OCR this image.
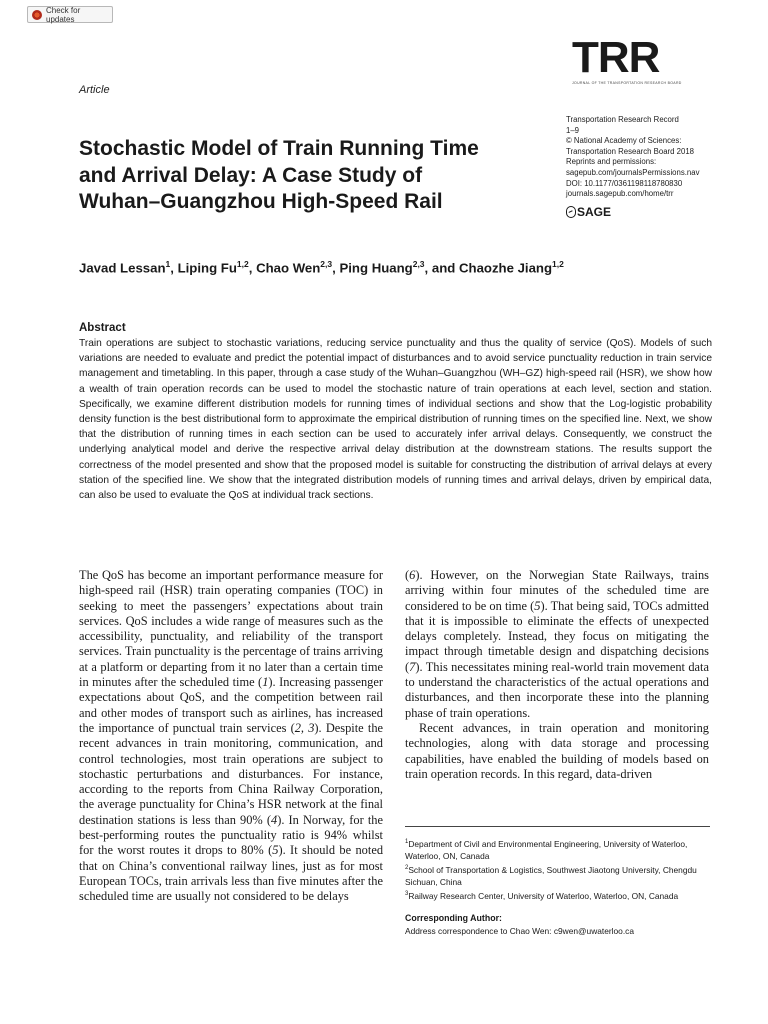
Check for updates
Article
TRR
JOURNAL OF THE TRANSPORTATION RESEARCH BOARD
Transportation Research Record
1–9
© National Academy of Sciences:
Transportation Research Board 2018
Reprints and permissions:
sagepub.com/journalsPermissions.nav
DOI: 10.1177/0361198118780830
journals.sagepub.com/home/trr
SAGE
Stochastic Model of Train Running Time
and Arrival Delay: A Case Study of
Wuhan–Guangzhou High-Speed Rail
Javad Lessan$^1$, Liping Fu$^{1,2}$, Chao Wen$^{2,3}$, Ping Huang$^{2,3}$, and Chaozhe Jiang$^{1,2}$
Abstract
Train operations are subject to stochastic variations, reducing service punctuality and thus the quality of service (QoS). Models of such variations are needed to evaluate and predict the potential impact of disturbances and to avoid service punctuality reduction in train service management and timetabling. In this paper, through a case study of the Wuhan–Guangzhou (WH–GZ) high-speed rail (HSR), we show how a wealth of train operation records can be used to model the stochastic nature of train operations at each level, section and station. Specifically, we examine different distribution models for running times of individual sections and show that the Log-logistic probability density function is the best distributional form to approximate the empirical distribution of running times on the specified line. Next, we show that the distribution of running times in each section can be used to accurately infer arrival delays. Consequently, we construct the underlying analytical model and derive the respective arrival delay distribution at the downstream stations. The results support the correctness of the model presented and show that the proposed model is suitable for constructing the distribution of arrival delays at every station of the specified line. We show that the integrated distribution models of running times and arrival delays, driven by empirical data, can also be used to evaluate the QoS at individual track sections.

The QoS has become an important performance measure for high-speed rail (HSR) train operating companies (TOC) in seeking to meet the passengers’ expectations about train services. QoS includes a wide range of measures such as the accessibility, punctuality, and reliability of the transport services. Train punctuality is the percentage of trains arriving at a platform or departing from it no later than a certain time in minutes after the scheduled time (1). Increasing passenger expectations about QoS, and the competition between rail and other modes of transport such as airlines, has increased the importance of punctual train services (2, 3). Despite the recent advances in train monitoring, communication, and control technologies, most train operations are subject to stochastic perturbations and disturbances. For instance, according to the reports from China Railway Corporation, the average punctuality for China’s HSR network at the final destination stations is less than 90% (4). In Norway, for the best-performing routes the punctuality ratio is 94% whilst for the worst routes it drops to 80% (5). It should be noted that on China’s conventional railway lines, just as for most European TOCs, train arrivals less than five minutes after the scheduled time are usually not considered to be delays

(6). However, on the Norwegian State Railways, trains arriving within four minutes of the scheduled time are considered to be on time (5). That being said, TOCs admitted that it is impossible to eliminate the effects of unexpected delays completely. Instead, they focus on mitigating the impact through timetable design and dispatching decisions (7). This necessitates mining real-world train movement data to understand the characteristics of the actual operations and disturbances, and then incorporate these into the planning phase of train operations.

Recent advances, in train operation and monitoring technologies, along with data storage and processing capabilities, have enabled the building of models based on train operation records. In this regard, data-driven

$^1$Department of Civil and Environmental Engineering, University of Waterloo, Waterloo, ON, Canada

$^2$School of Transportation & Logistics, Southwest Jiaotong University, Chengdu Sichuan, China

$^3$Railway Research Center, University of Waterloo, Waterloo, ON, Canada

Corresponding Author:

Address correspondence to Chao Wen: c9wen@uwaterloo.ca
